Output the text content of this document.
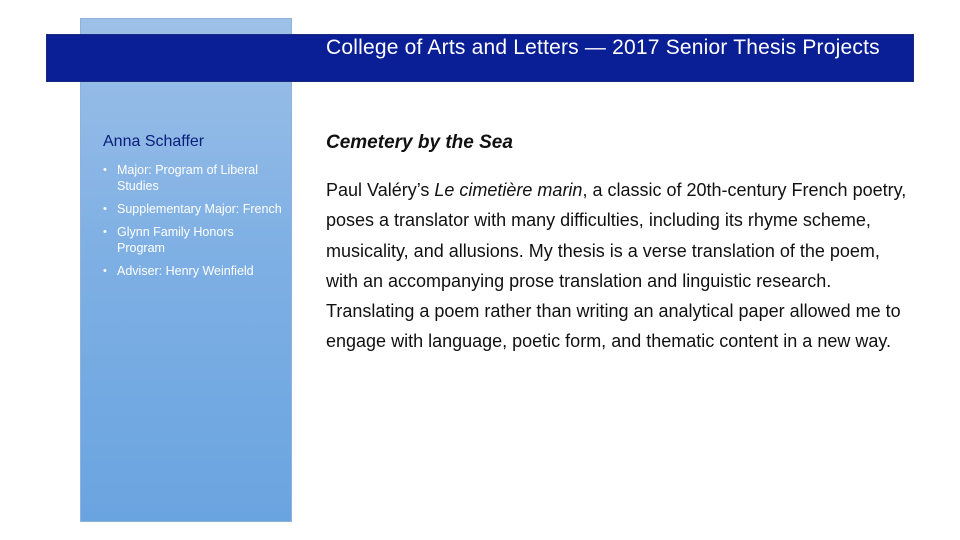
College of Arts and Letters — 2017 Senior Thesis Projects
Anna Schaffer
• Major: Program of Liberal Studies
• Supplementary Major: French
• Glynn Family Honors Program
• Adviser: Henry Weinfield
Cemetery by the Sea

Paul Valéry’s Le cimetière marin, a classic of 20th-century French poetry, poses a translator with many difficulties, including its rhyme scheme, musicality, and allusions. My thesis is a verse translation of the poem, with an accompanying prose translation and linguistic research. Translating a poem rather than writing an analytical paper allowed me to engage with language, poetic form, and thematic content in a new way.
